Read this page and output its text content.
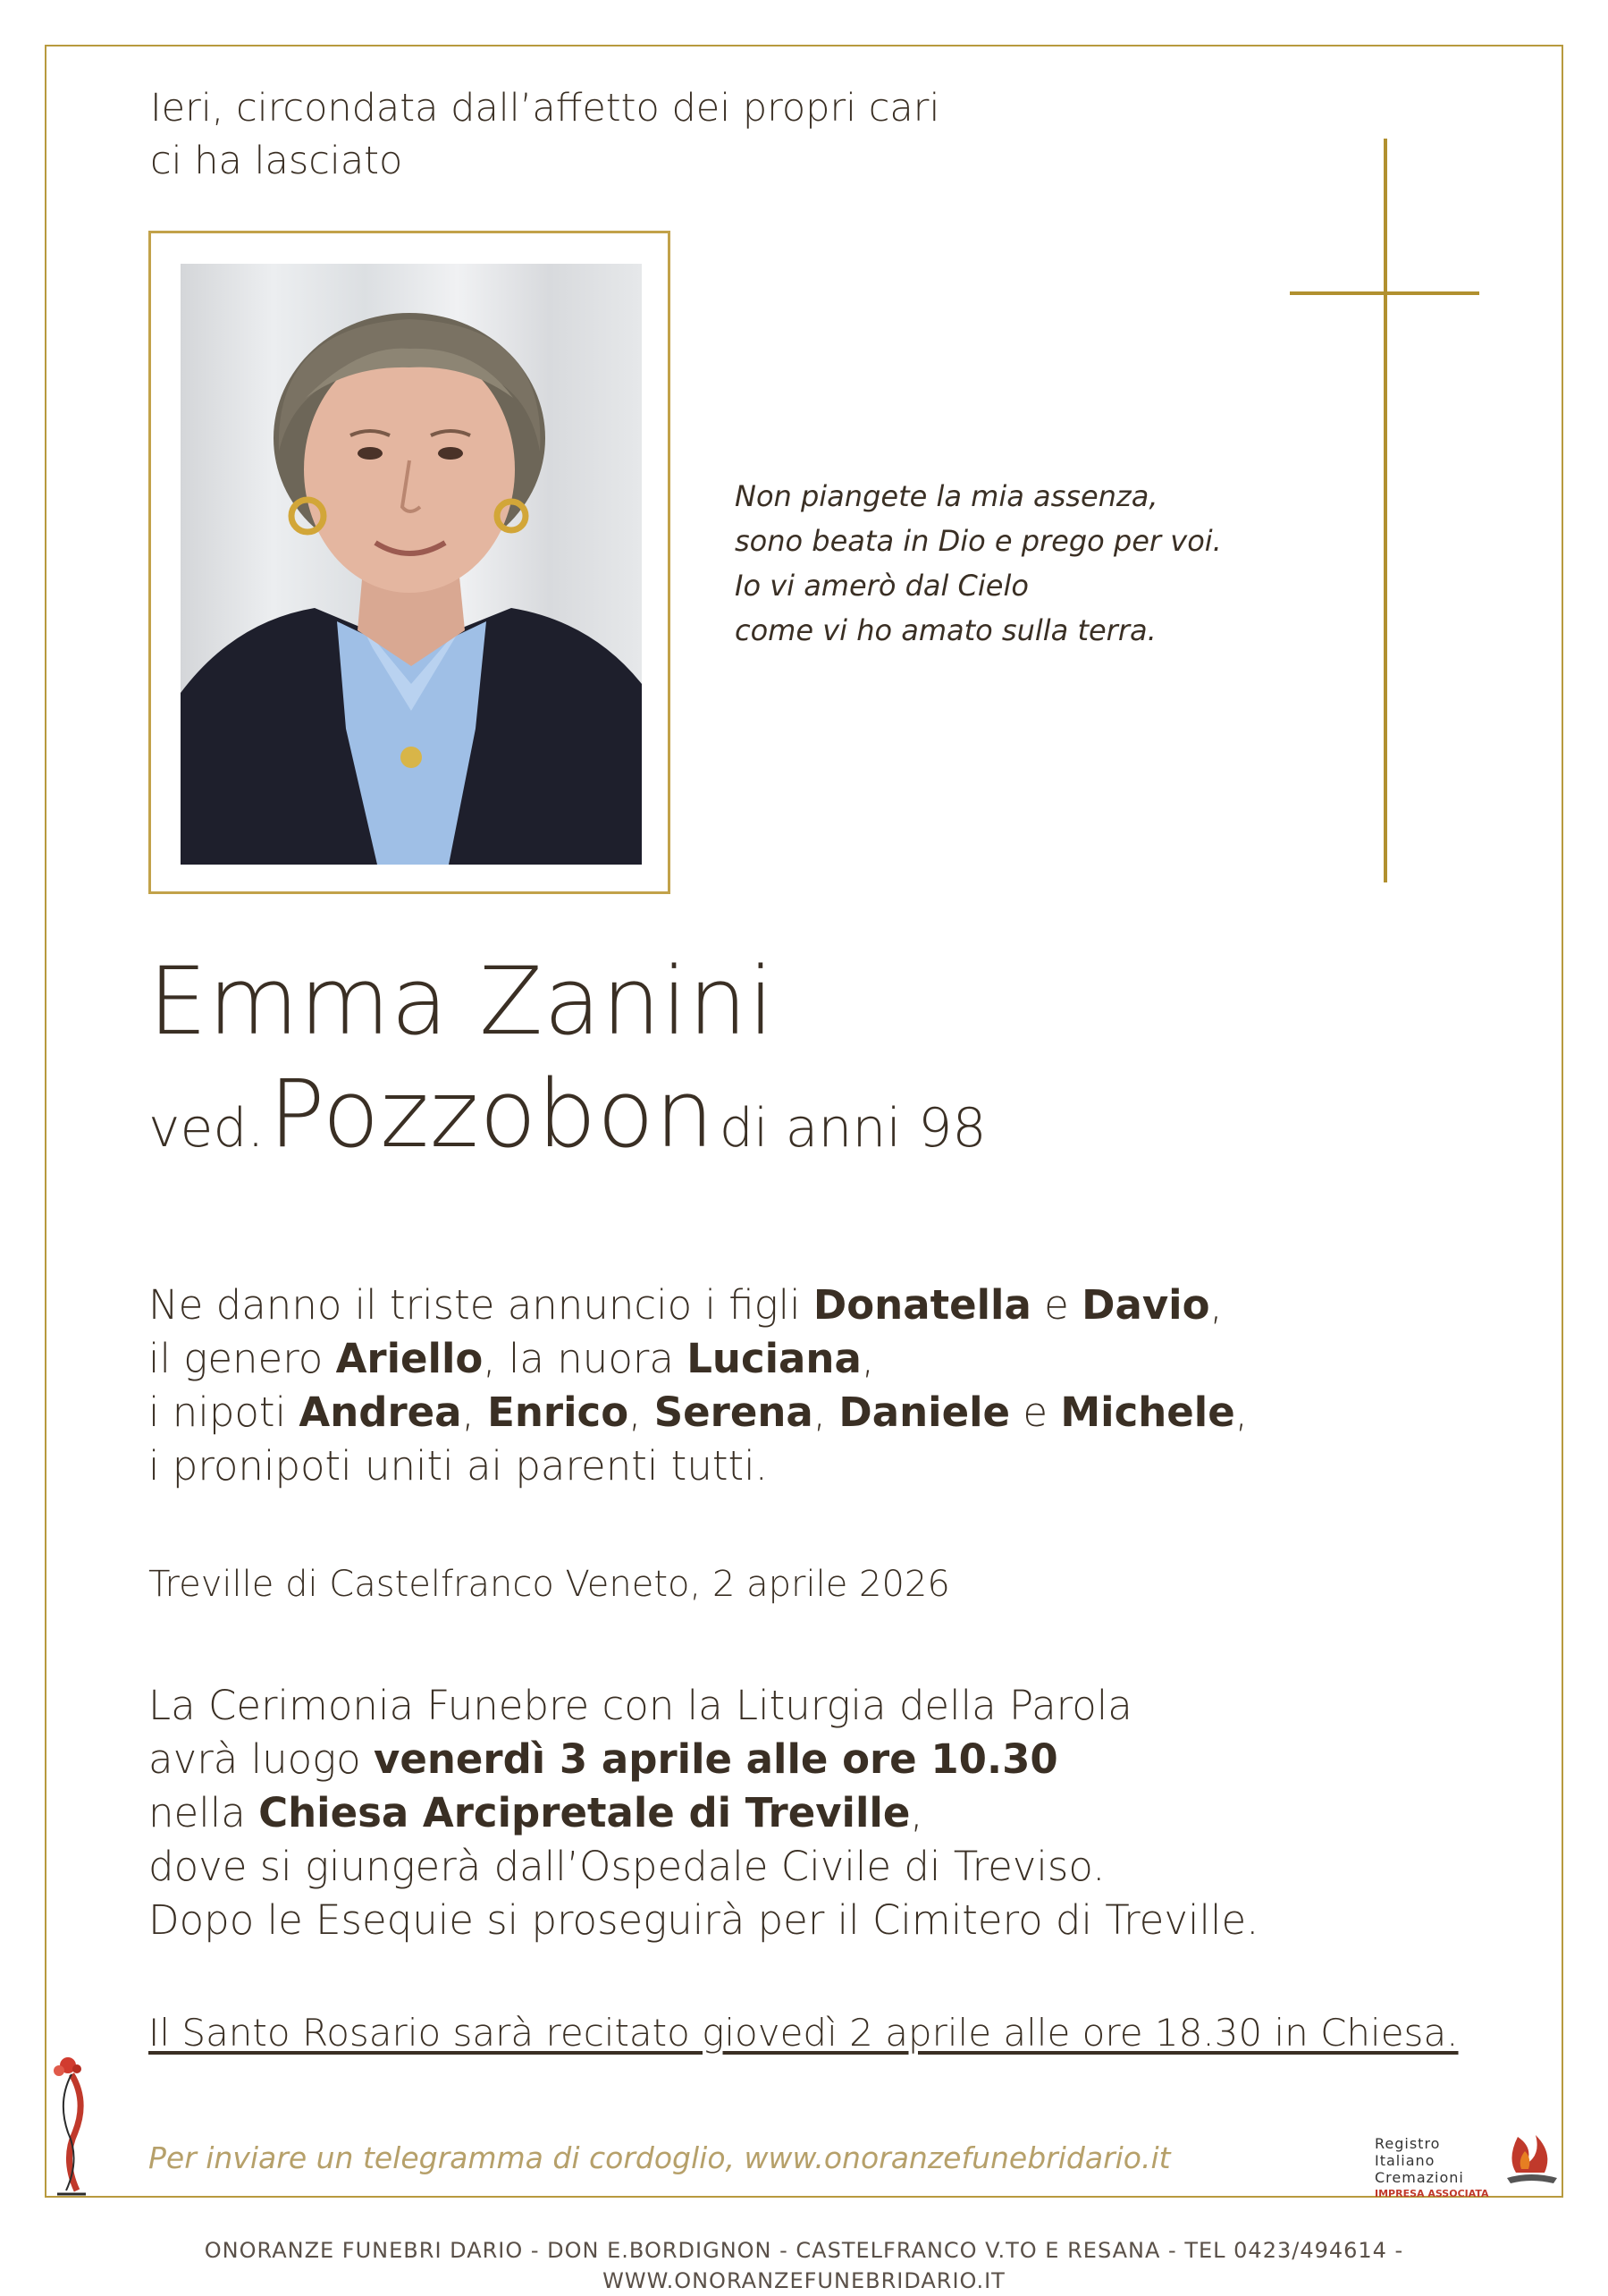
Ieri, circondata dall’affetto dei propri cari
ci ha lasciato
Non piangete la mia assenza,
sono beata in Dio e prego per voi.
Io vi amerò dal Cielo
come vi ho amato sulla terra.
Emma Zanini
ved. Pozzobon di anni 98
Ne danno il triste annuncio i figli Donatella e Davio,
il genero Ariello, la nuora Luciana,
i nipoti Andrea, Enrico, Serena, Daniele e Michele,
i pronipoti uniti ai parenti tutti.
Treville di Castelfranco Veneto, 2 aprile 2026
La Cerimonia Funebre con la Liturgia della Parola
avrà luogo venerdì 3 aprile alle ore 10.30
nella Chiesa Arcipretale di Treville,
dove si giungerà dall’Ospedale Civile di Treviso.
Dopo le Esequie si proseguirà per il Cimitero di Treville.
Il Santo Rosario sarà recitato giovedì 2 aprile alle ore 18.30 in Chiesa.
Per inviare un telegramma di cordoglio, www.onoranzefunebridario.it	Registro
Italiano
Cremazioni
IMPRESA ASSOCIATA
ONORANZE FUNEBRI DARIO - DON E.BORDIGNON - CASTELFRANCO V.TO E RESANA - TEL 0423/494614 - WWW.ONORANZEFUNEBRIDARIO.IT
